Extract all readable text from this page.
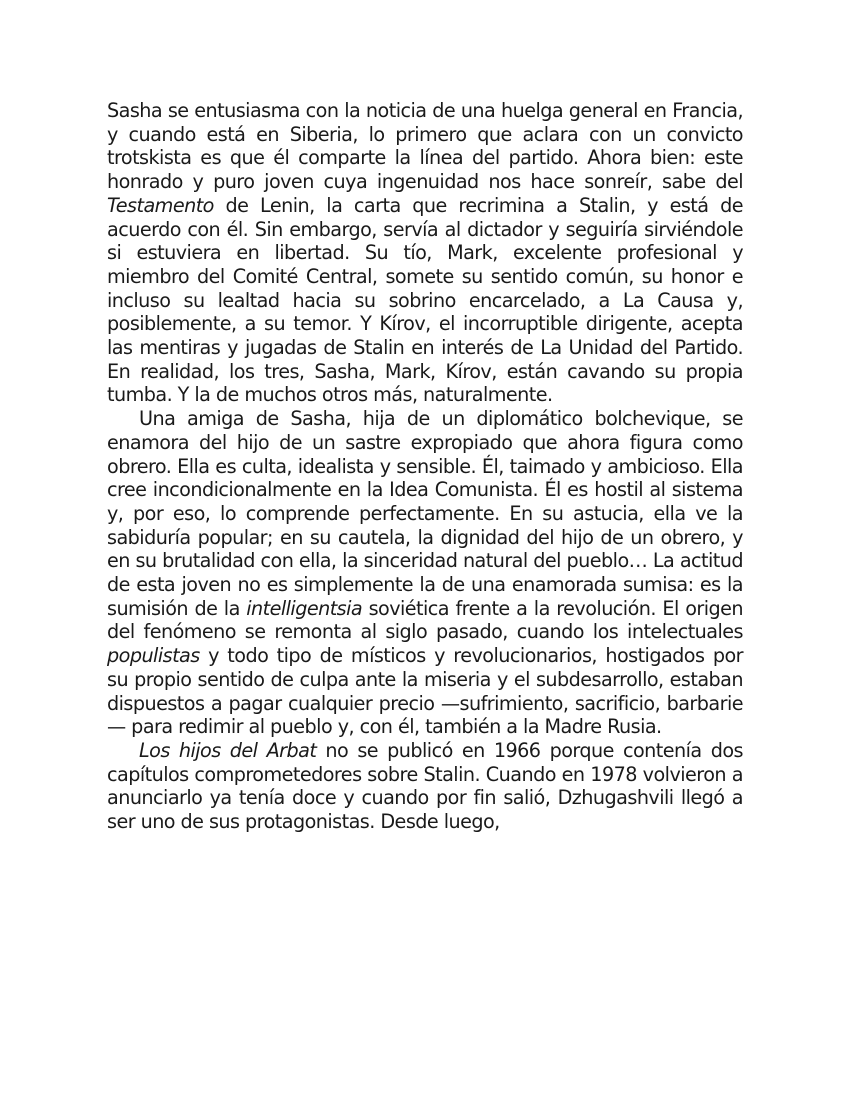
Sasha se entusiasma con la noticia de una huelga general en Francia, y cuando está en Siberia, lo primero que aclara con un convicto trotskista es que él comparte la línea del partido. Ahora bien: este honrado y puro joven cuya ingenuidad nos hace sonreír, sabe del Testamento de Lenin, la carta que recrimina a Stalin, y está de acuerdo con él. Sin embargo, servía al dictador y seguiría sirviéndole si estuviera en libertad. Su tío, Mark, excelente profesional y miembro del Comité Central, somete su sentido común, su honor e incluso su lealtad hacia su sobrino encarcelado, a La Causa y, posiblemente, a su temor. Y Kírov, el incorruptible dirigente, acepta las mentiras y jugadas de Stalin en interés de La Unidad del Partido. En realidad, los tres, Sasha, Mark, Kírov, están cavando su propia tumba. Y la de muchos otros más, naturalmente.

Una amiga de Sasha, hija de un diplomático bolchevique, se enamora del hijo de un sastre expropiado que ahora figura como obrero. Ella es culta, idealista y sensible. Él, taimado y ambicioso. Ella cree incondicionalmente en la Idea Comunista. Él es hostil al sistema y, por eso, lo comprende perfectamente. En su astucia, ella ve la sabiduría popular; en su cautela, la dignidad del hijo de un obrero, y en su brutalidad con ella, la sinceridad natural del pueblo… La actitud de esta joven no es simplemente la de una enamorada sumisa: es la sumisión de la intelligentsia soviética frente a la revolución. El origen del fenómeno se remonta al siglo pasado, cuando los intelectuales populistas y todo tipo de místicos y revolucionarios, hostigados por su propio sentido de culpa ante la miseria y el subdesarrollo, estaban dispuestos a pagar cualquier precio —sufrimiento, sacrificio, barbarie— para redimir al pueblo y, con él, también a la Madre Rusia.

Los hijos del Arbat no se publicó en 1966 porque contenía dos capítulos comprometedores sobre Stalin. Cuando en 1978 volvieron a anunciarlo ya tenía doce y cuando por fin salió, Dzhugashvili llegó a ser uno de sus protagonistas. Desde luego,
